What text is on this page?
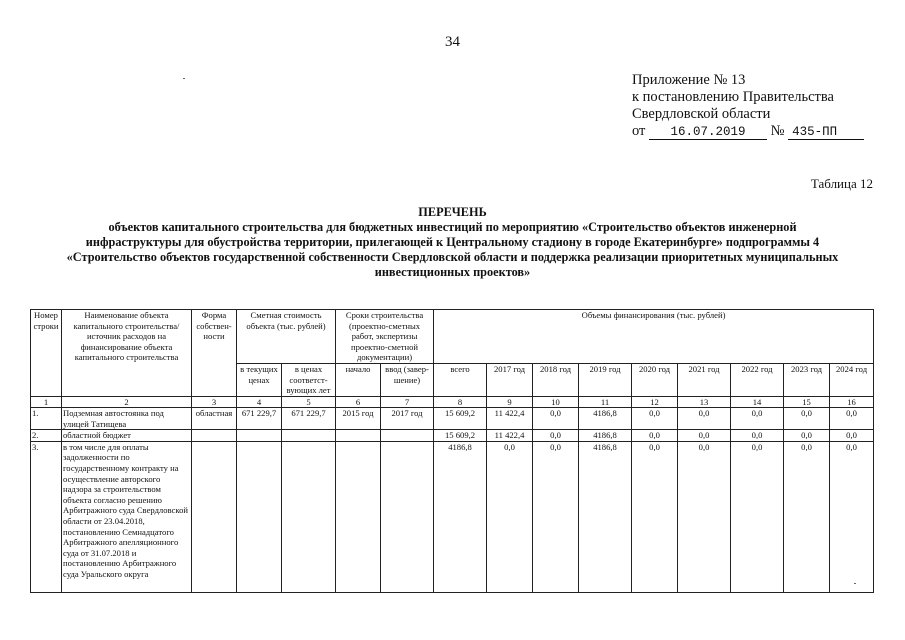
34
Приложение № 13
к постановлению Правительства
Свердловской области
от 16.07.2019 № 435-ПП
Таблица 12
ПЕРЕЧЕНЬ
объектов капитального строительства для бюджетных инвестиций по мероприятию «Строительство объектов инженерной
инфраструктуры для обустройства территории, прилегающей к Центральному стадиону в городе Екатеринбурге» подпрограммы 4
«Строительство объектов государственной собственности Свердловской области и поддержка реализации приоритетных муниципальных
инвестиционных проектов»
Номер строки	Наименование объекта капитального строительства/ источник расходов на финансирование объекта капитального строительства	Форма собствен-ности	Сметная стоимость объекта (тыс. рублей)		Сроки строительства (проектно-сметных работ, экспертизы проектно-сметной документации)		Объемы финансирования (тыс. рублей)								
			в текущих ценах	в ценах соответст-вующих лет	начало	ввод (завер-шение)	всего	2017 год	2018 год	2019 год	2020 год	2021 год	2022 год	2023 год	2024 год
1	2	3	4	5	6	7	8	9	10	11	12	13	14	15	16
1.	Подземная автостоянка под улицей Татищева	областная	671 229,7	671 229,7	2015 год	2017 год	15 609,2	11 422,4	0,0	4186,8	0,0	0,0	0,0	0,0	0,0
2.	областной бюджет						15 609,2	11 422,4	0,0	4186,8	0,0	0,0	0,0	0,0	0,0
3.	в том числе для оплаты задолженности по государственному контракту на осуществление авторского надзора за строительством объекта согласно решению Арбитражного суда Свердловской области от 23.04.2018, постановлению Семнадцатого Арбитражного апелляционного суда от 31.07.2018 и постановлению Арбитражного суда Уральского округа						4186,8	0,0	0,0	4186,8	0,0	0,0	0,0	0,0	0,0
